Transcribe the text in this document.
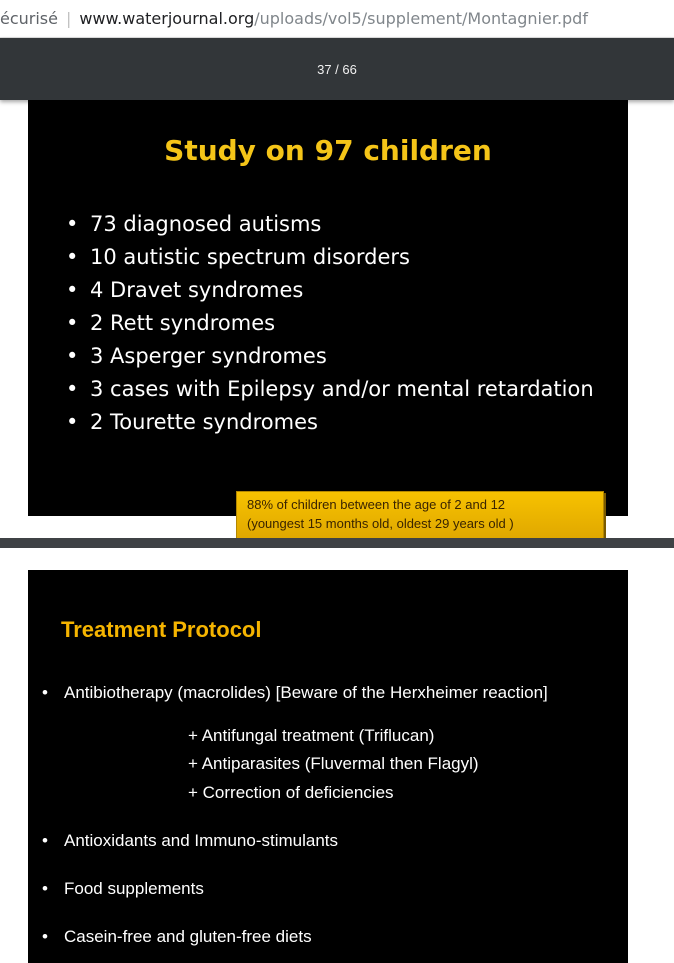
écurisé | www.waterjournal.org /uploads/vol5/supplement/Montagnier.pdf
37 / 66
Study on 97 children
• 73 diagnosed autisms
• 10 autistic spectrum disorders
• 4 Dravet syndromes
• 2 Rett syndromes
• 3 Asperger syndromes
• 3 cases with Epilepsy and/or mental retardation
• 2 Tourette syndromes
88% of children between the age of 2 and 12
(youngest 15 months old, oldest 29 years old )
Treatment Protocol
• Antibiotherapy (macrolides) [Beware of the Herxheimer reaction]
+ Antifungal treatment (Triflucan)
+ Antiparasites (Fluvermal then Flagyl)
+ Correction of deficiencies
• Antioxidants and Immuno-stimulants
• Food supplements
• Casein-free and gluten-free diets
